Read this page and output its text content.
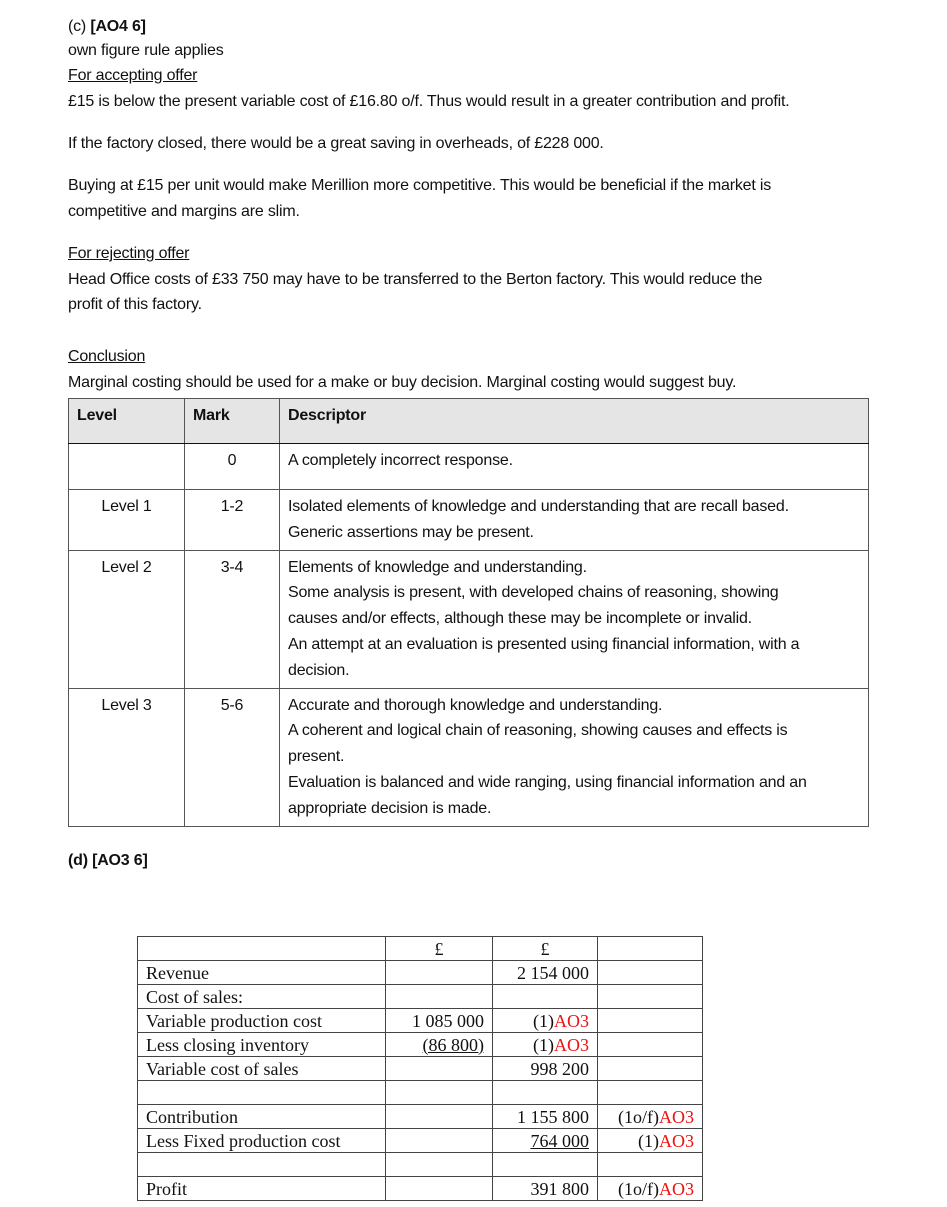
(c) [AO4 6]
own figure rule applies
For accepting offer
£15 is below the present variable cost of £16.80 o/f. Thus would result in a greater contribution and profit.
If the factory closed, there would be a great saving in overheads, of £228 000.
Buying at £15 per unit would make Merillion more competitive. This would be beneficial if the market is
competitive and margins are slim.
For rejecting offer
Head Office costs of £33 750 may have to be transferred to the Berton factory. This would reduce the
profit of this factory.
Conclusion
Marginal costing should be used for a make or buy decision. Marginal costing would suggest buy.
Level	Mark	Descriptor
	0	A completely incorrect response.

Level 1	1-2	Isolated elements of knowledge and understanding that are recall based.
Generic assertions may be present.

Level 2	3-4	Elements of knowledge and understanding.
Some analysis is present, with developed chains of reasoning, showing
causes and/or effects, although these may be incomplete or invalid.
An attempt at an evaluation is presented using financial information, with a
decision.

Level 3	5-6	Accurate and thorough knowledge and understanding.
A coherent and logical chain of reasoning, showing causes and effects is
present.
Evaluation is balanced and wide ranging, using financial information and an
appropriate decision is made.
(d) [AO3 6]
	£	£	
Revenue		2 154 000	
Cost of sales:			
Variable production cost	1 085 000	(1)AO3	
Less closing inventory	(86 800)	(1)AO3	
Variable cost of sales		998 200	

Contribution		1 155 800	(1o/f)AO3
Less Fixed production cost		764 000	(1)AO3

Profit		391 800	(1o/f)AO3
